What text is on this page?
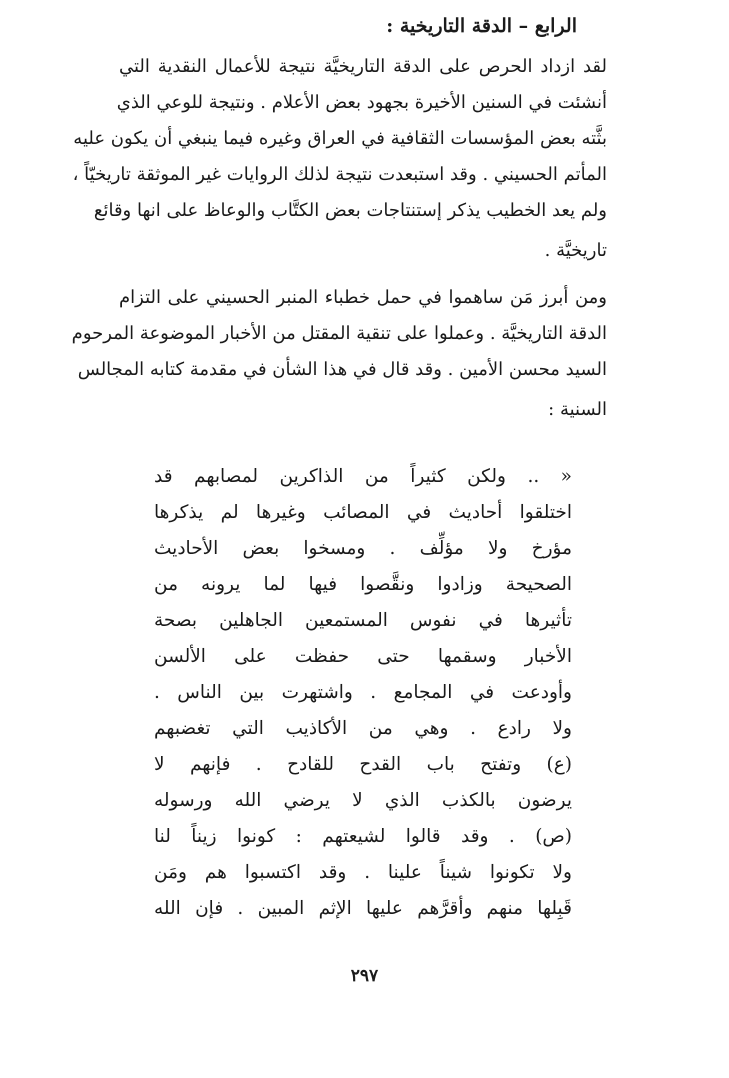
الرابع – الدقة التاريخية :
لقد ازداد الحرص على الدقة التاريخيَّة نتيجة للأعمال النقدية التي
أنشئت في السنين الأخيرة بجهود بعض الأعلام . ونتيجة للوعي الذي
بثَّته بعض المؤسسات الثقافية في العراق وغيره فيما ينبغي أن يكون عليه
المأتم الحسيني . وقد استبعدت نتيجة لذلك الروايات غير الموثقة تاريخيّاً ،
ولم يعد الخطيب يذكر إستنتاجات بعض الكتَّاب والوعاظ على انها وقائع
تاريخيَّة .
ومن أبرز مَن ساهموا في حمل خطباء المنبر الحسيني على التزام
الدقة التاريخيَّة . وعملوا على تنقية المقتل من الأخبار الموضوعة المرحوم
السيد محسن الأمين . وقد قال في هذا الشأن في مقدمة كتابه المجالس
السنية :
« .. ولكن كثيراً من الذاكرين لمصابهم قد
اختلقوا أحاديث في المصائب وغيرها لم يذكرها
مؤرخ ولا مؤلِّف . ومسخوا بعض الأحاديث
الصحيحة وزادوا ونقَّصوا فيها لما يرونه من
تأثيرها في نفوس المستمعين الجاهلين بصحة
الأخبار وسقمها حتى حفظت على الألسن
وأودعت في المجامع . واشتهرت بين الناس .
ولا رادع . وهي من الأكاذيب التي تغضبهم
(ع) وتفتح باب القدح للقادح . فإنهم لا
يرضون بالكذب الذي لا يرضي الله ورسوله
(ص) . وقد قالوا لشيعتهم : كونوا زيناً لنا
ولا تكونوا شيناً علينا . وقد اكتسبوا هم ومَن
قَبِلها منهم وأقرَّهم عليها الإثم المبين . فإن الله
٢٩٧
